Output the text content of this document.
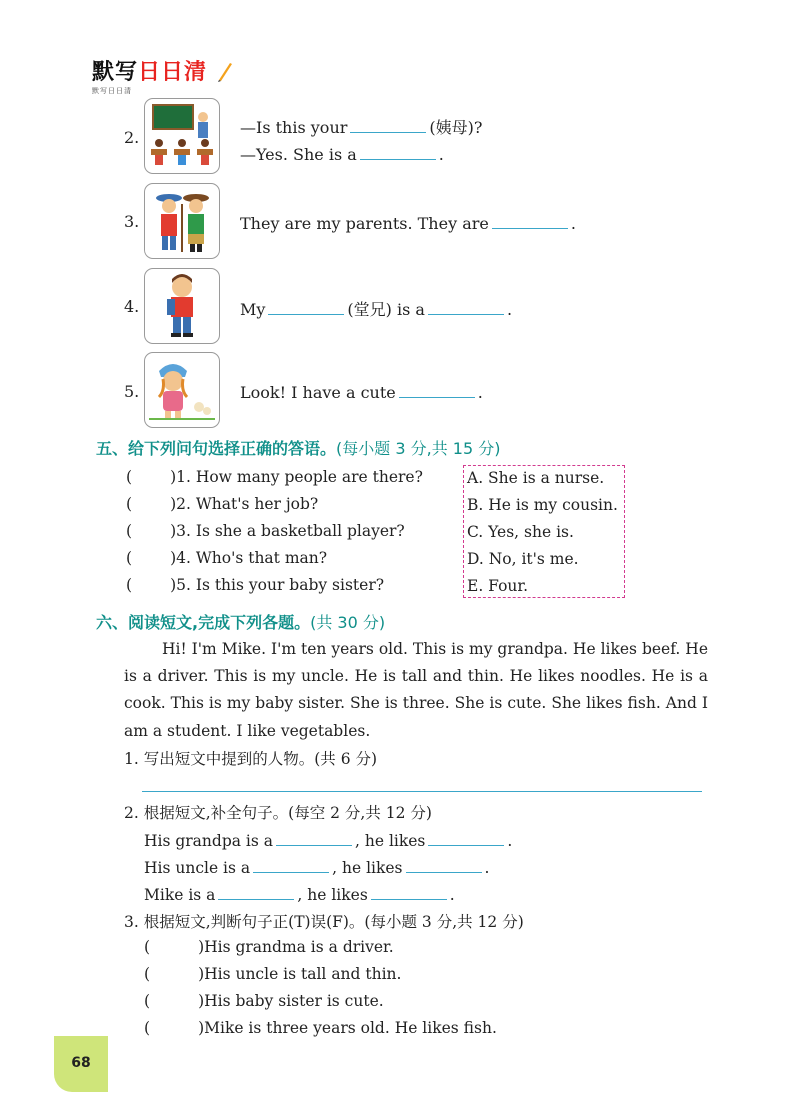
默写日日清
默写日日清
2.
—Is this your	(姨母)?
—Yes. She is a	.
3.	They are my parents. They are	.
4.	My	(堂兄) is a	.
5.	Look! I have a cute	.
五、给下列问句选择正确的答语。(每小题 3 分,共 15 分)
( )1. How many people are there?
( )2. What's her job?
( )3. Is she a basketball player?
( )4. Who's that man?
( )5. Is this your baby sister?
A. She is a nurse.
B. He is my cousin.
C. Yes, she is.
D. No, it's me.
E. Four.
六、阅读短文,完成下列各题。(共 30 分)
Hi! I'm Mike. I'm ten years old. This is my grandpa. He likes beef. He is a driver. This is my uncle. He is tall and thin. He likes noodles. He is a cook. This is my baby sister. She is three. She is cute. She likes fish. And I am a student. I like vegetables.
1. 写出短文中提到的人物。(共 6 分)
2. 根据短文,补全句子。(每空 2 分,共 12 分)
His grandpa is a	, he likes	.
His uncle is a	, he likes	.
Mike is a	, he likes	.
3. 根据短文,判断句子正(T)误(F)。(每小题 3 分,共 12 分)
(	)His grandma is a driver.
(	)His uncle is tall and thin.
(	)His baby sister is cute.
(	)Mike is three years old. He likes fish.
68
